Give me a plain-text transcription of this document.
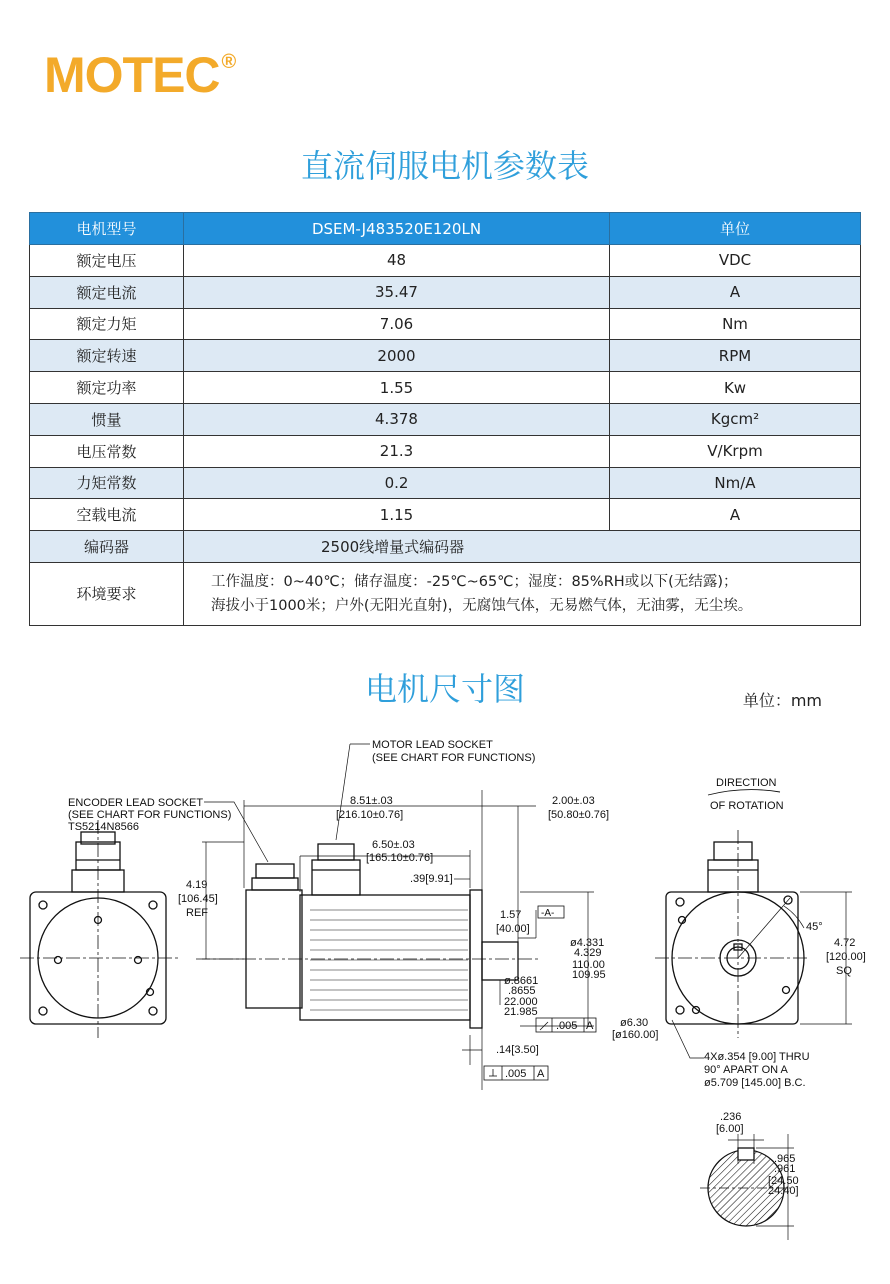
MOTEC ®
直流伺服电机参数表
电机型号	DSEM-J483520E120LN	单位
额定电压	48	VDC
额定电流	35.47	A
额定力矩	7.06	Nm
额定转速	2000	RPM
额定功率	1.55	Kw
惯量	4.378	Kgcm²
电压常数	21.3	V/Krpm
力矩常数	0.2	Nm/A
空载电流	1.15	A
编码器	2500线增量式编码器	
环境要求	工作温度：0~40℃；储存温度：-25℃~65℃；湿度：85%RH或以下(无结露)；
海拔小于1000米；户外(无阳光直射)，无腐蚀气体，无易燃气体，无油雾，无尘埃。	
电机尺寸图	单位：mm
MOTOR LEAD SOCKET
(SEE CHART FOR FUNCTIONS)
ENCODER LEAD SOCKET
(SEE CHART FOR FUNCTIONS)
TS5214N8566
8.51±.03
[216.10±0.76]
2.00±.03
[50.80±0.76]
6.50±.03
[165.10±0.76]
4.19
[106.45]
REF
.39[9.91]
1.57
[40.00]
-A-
ø4.331
4.329
110.00
109.95
ø.8661
.8655
22.000
21.985
.005 A
.14[3.50]
.005 A
DIRECTION
OF ROTATION
45°
4.72
[120.00]
SQ
ø6.30
[ø160.00]
4Xø.354 [9.00] THRU
90° APART ON A
ø5.709 [145.00] B.C.
.236
[6.00]
.965
.961
[24.50
24.40]
